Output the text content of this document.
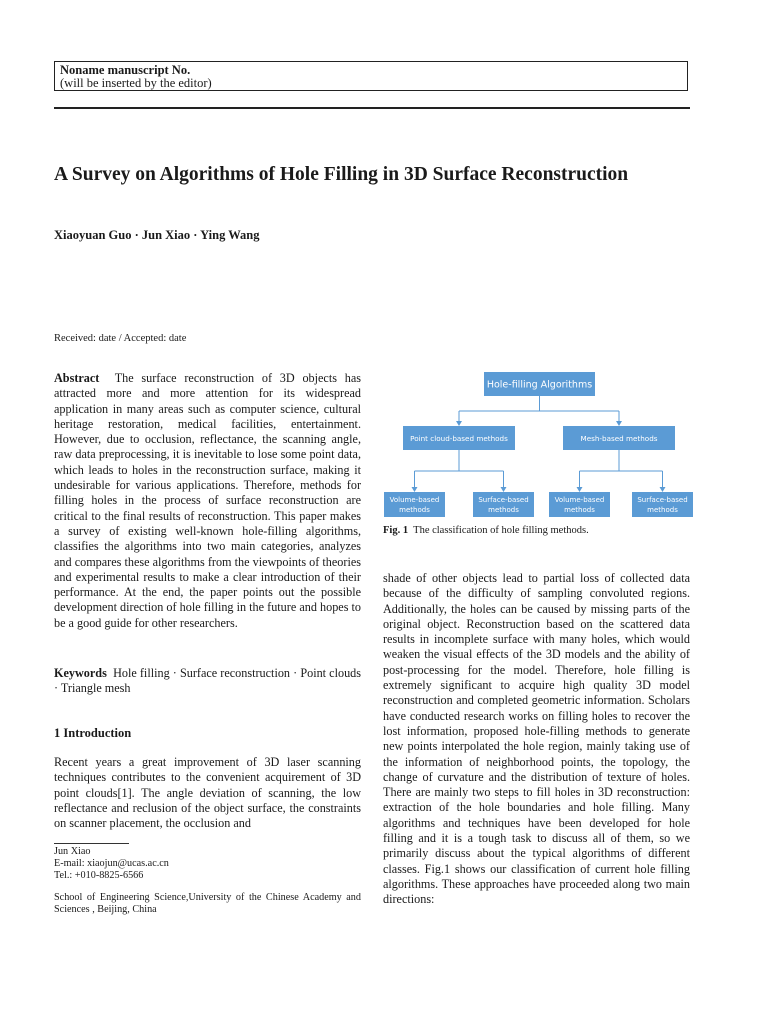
Noname manuscript No.
(will be inserted by the editor)
A Survey on Algorithms of Hole Filling in 3D Surface Reconstruction
Xiaoyuan Guo · Jun Xiao · Ying Wang
Received: date / Accepted: date

Abstract The surface reconstruction of 3D objects has attracted more and more attention for its widespread application in many areas such as computer science, cultural heritage restoration, medical facilities, entertainment. However, due to occlusion, reflectance, the scanning angle, raw data preprocessing, it is inevitable to lose some point data, which leads to holes in the reconstruction surface, making it undesirable for various applications. Therefore, methods for filling holes in the process of surface reconstruction are critical to the final results of reconstruction. This paper makes a survey of existing well-known hole-filling algorithms, classifies the algorithms into two main categories, analyzes and compares these algorithms from the viewpoints of theories and experimental results to make a clear introduction of their performance. At the end, the paper points out the possible development direction of hole filling in the future and hopes to be a good guide for other researchers.

Keywords Hole filling · Surface reconstruction · Point clouds · Triangle mesh

1 Introduction

Recent years a great improvement of 3D laser scanning techniques contributes to the convenient acquirement of 3D point clouds[1]. The angle deviation of scanning, the low reflectance and reclusion of the object surface, the constraints on scanner placement, the occlusion and

Jun Xiao
E-mail: xiaojun@ucas.ac.cn
Tel.: +010-8825-6566
School of Engineering Science,University of the Chinese Academy and Sciences , Beijing, China
Hole-filling Algorithms
Point cloud-based methods	Mesh-based methods
Volume-based
methods
Surface-based
methods
Volume-based
methods
Surface-based
methods
Fig. 1 The classification of hole filling methods.

shade of other objects lead to partial loss of collected data because of the difficulty of sampling convoluted regions. Additionally, the holes can be caused by missing parts of the original object. Reconstruction based on the scattered data results in incomplete surface with many holes, which would weaken the visual effects of the 3D models and the ability of post-processing for the model. Therefore, hole filling is extremely significant to acquire high quality 3D model reconstruction and completed geometric information. Scholars have conducted research works on filling holes to recover the lost information, proposed hole-filling methods to generate new points interpolated the hole region, mainly taking use of the information of neighborhood points, the topology, the change of curvature and the distribution of texture of holes. There are mainly two steps to fill holes in 3D reconstruction: extraction of the hole boundaries and hole filling. Many algorithms and techniques have been developed for hole filling and it is a tough task to discuss all of them, so we primarily discuss about the typical algorithms of different classes. Fig.1 shows our classification of current hole filling algorithms. These approaches have proceeded along two main directions:
